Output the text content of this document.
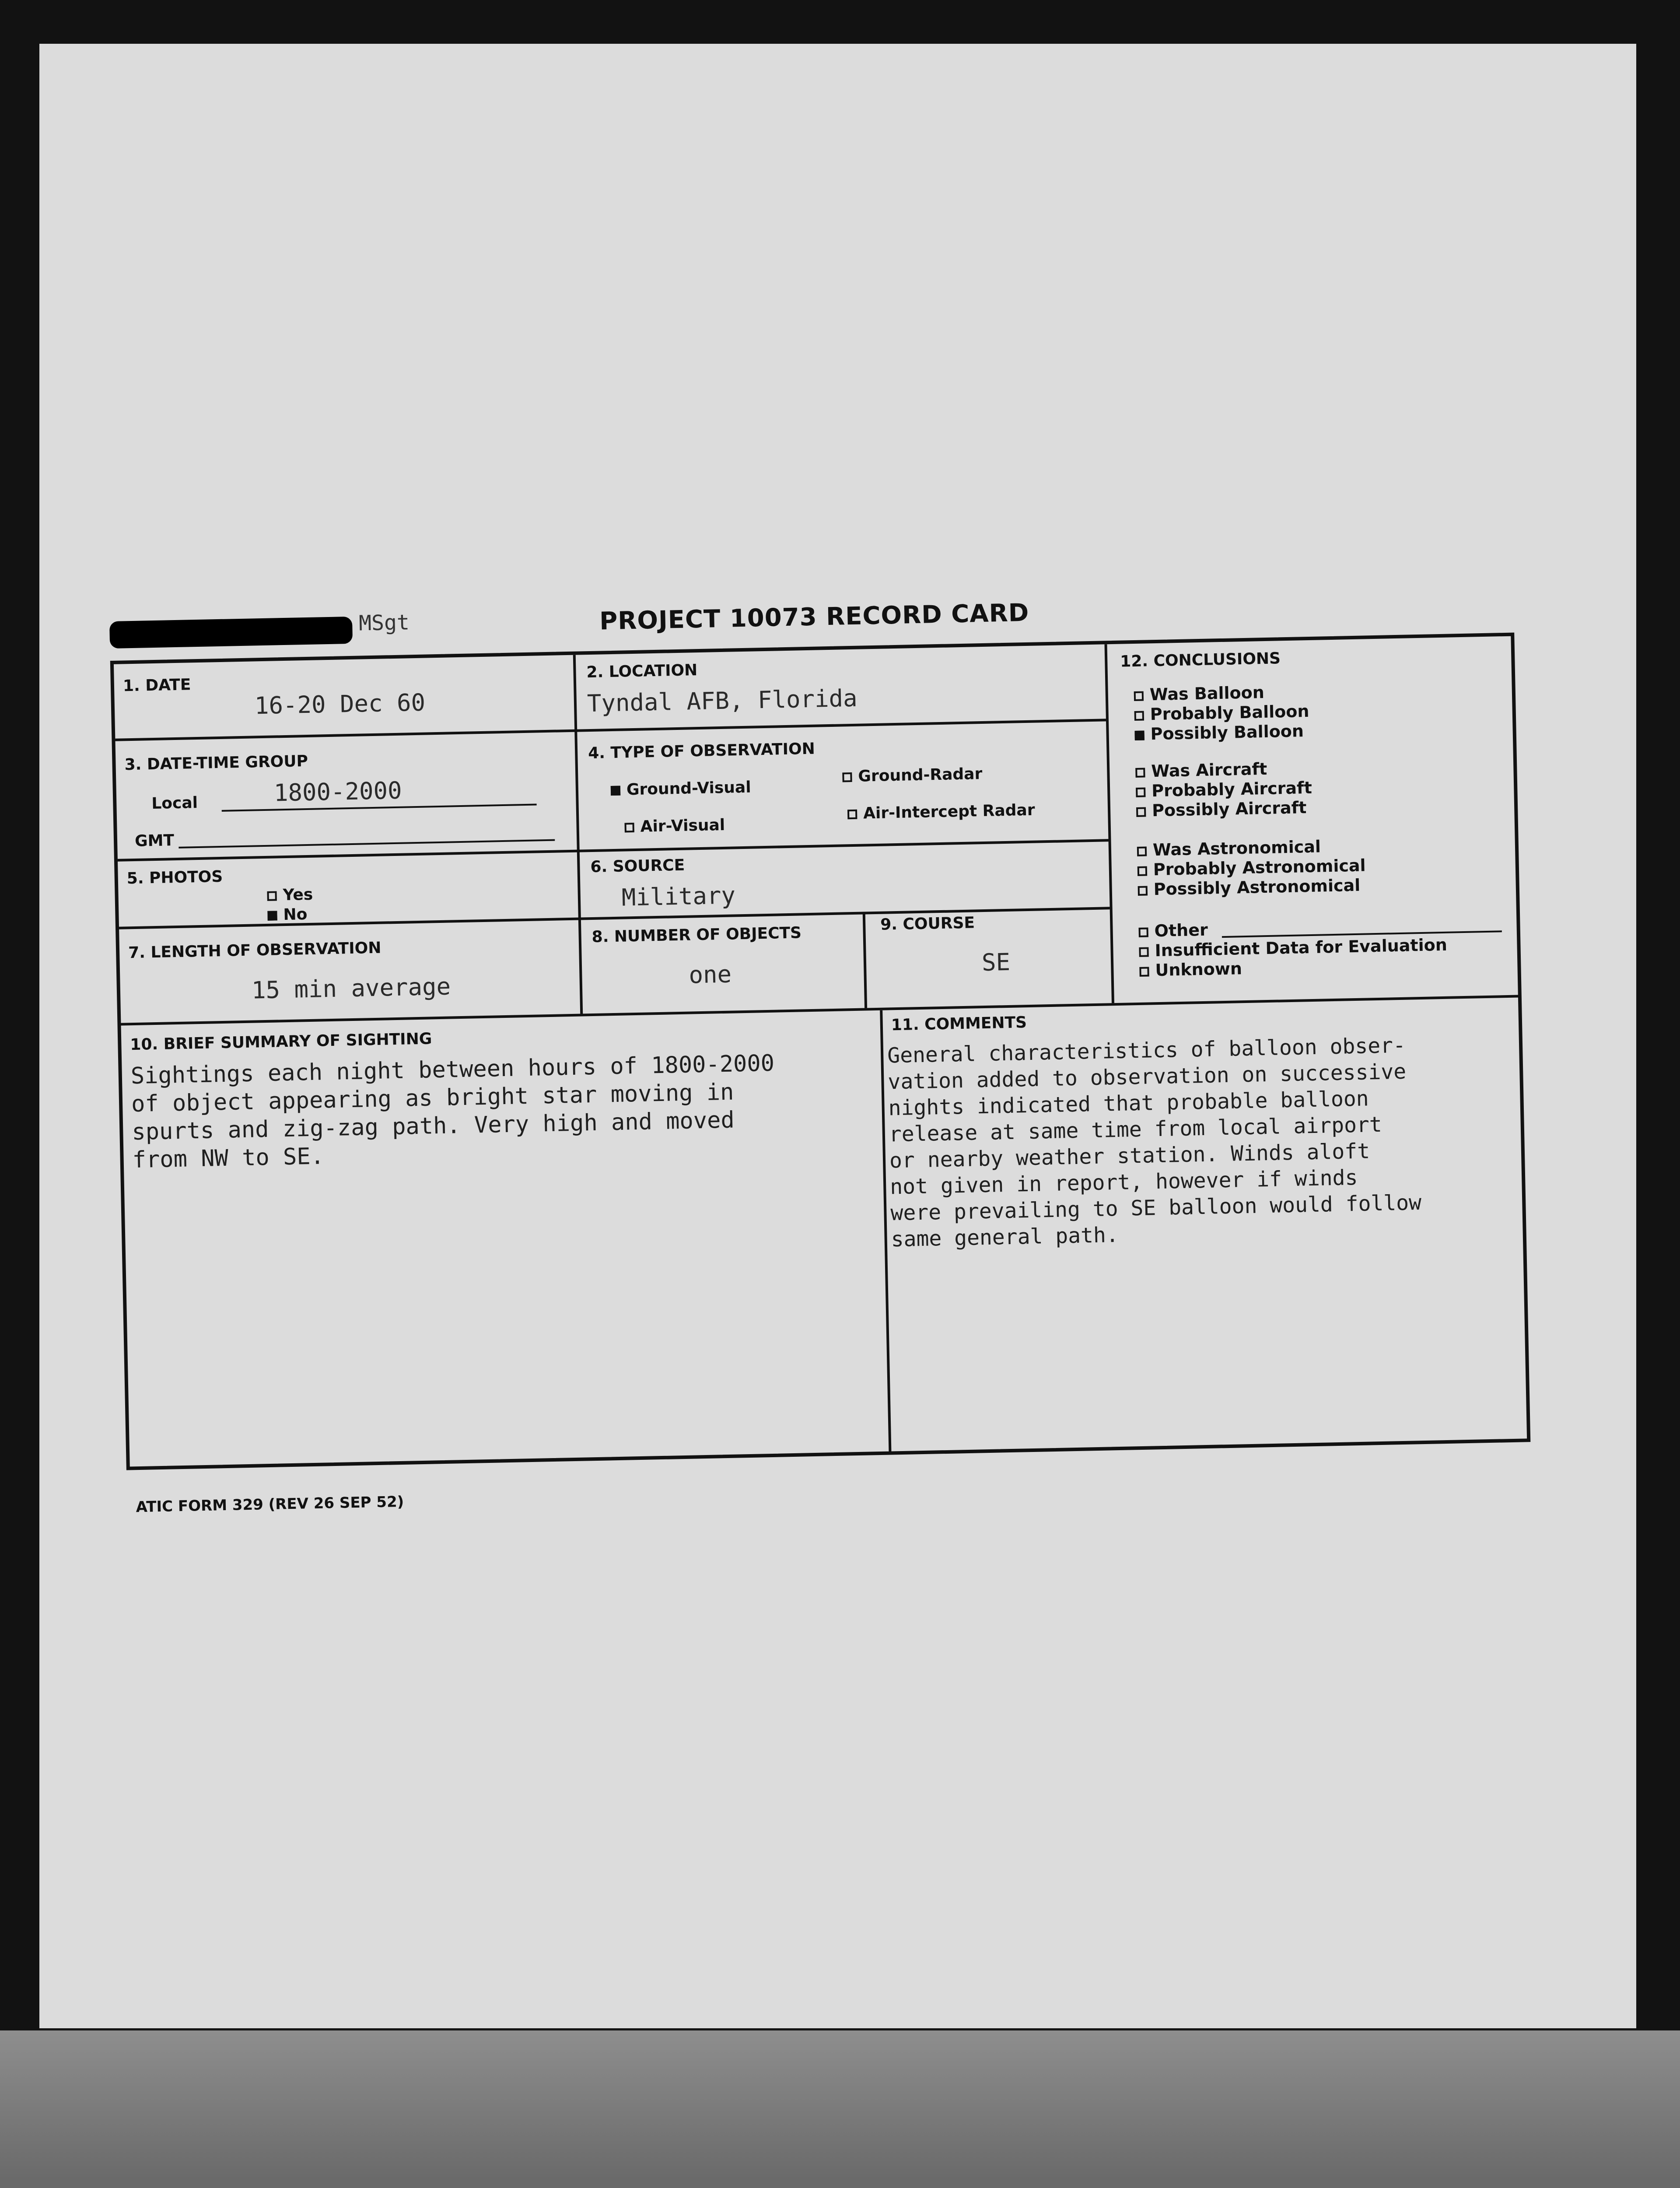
MSgt	PROJECT 10073 RECORD CARD
1. DATE
16-20 Dec 60
2. LOCATION
Tyndal AFB, Florida
3. DATE-TIME GROUP
Local	1800-2000
GMT
4. TYPE OF OBSERVATION
Ground-Visual
Ground-Radar
Air-Visual
Air-Intercept Radar
5. PHOTOS
Yes
No
6. SOURCE
Military
7. LENGTH OF OBSERVATION
15 min average
8. NUMBER OF OBJECTS
one
9. COURSE
SE
10. BRIEF SUMMARY OF SIGHTING
Sightings each night between hours of 1800-2000
of object appearing as bright star moving in
spurts and zig-zag path. Very high and moved
from NW to SE.
11. COMMENTS
General characteristics of balloon obser-
vation added to observation on successive
nights indicated that probable balloon
release at same time from local airport
or nearby weather station. Winds aloft
not given in report, however if winds
were prevailing to SE balloon would follow
same general path.
12. CONCLUSIONS
Was Balloon
Probably Balloon
Possibly Balloon
Was Aircraft
Probably Aircraft
Possibly Aircraft
Was Astronomical
Probably Astronomical
Possibly Astronomical
Other
Insufficient Data for Evaluation
Unknown
ATIC FORM 329 (REV 26 SEP 52)
